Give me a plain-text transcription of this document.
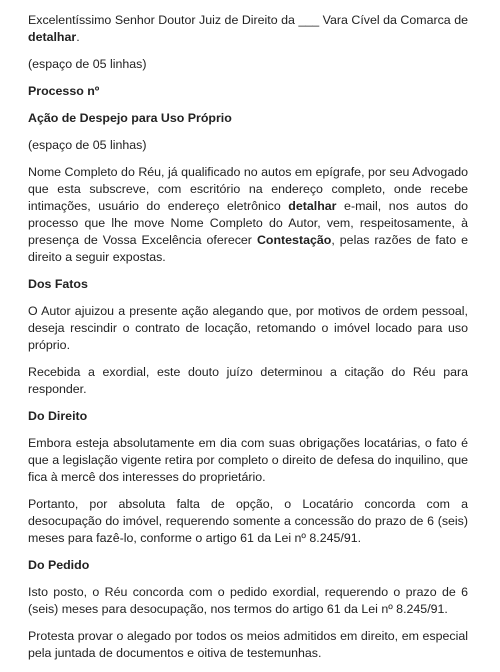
Excelentíssimo Senhor Doutor Juiz de Direito da ___ Vara Cível da Comarca de detalhar.

(espaço de 05 linhas)

Processo nº

Ação de Despejo para Uso Próprio

(espaço de 05 linhas)

Nome Completo do Réu, já qualificado no autos em epígrafe, por seu Advogado que esta subscreve, com escritório na endereço completo, onde recebe intimações, usuário do endereço eletrônico detalhar e-mail, nos autos do processo que lhe move Nome Completo do Autor, vem, respeitosamente, à presença de Vossa Excelência oferecer Contestação, pelas razões de fato e direito a seguir expostas.

Dos Fatos

O Autor ajuizou a presente ação alegando que, por motivos de ordem pessoal, deseja rescindir o contrato de locação, retomando o imóvel locado para uso próprio.

Recebida a exordial, este douto juízo determinou a citação do Réu para responder.

Do Direito

Embora esteja absolutamente em dia com suas obrigações locatárias, o fato é que a legislação vigente retira por completo o direito de defesa do inquilino, que fica à mercê dos interesses do proprietário.

Portanto, por absoluta falta de opção, o Locatário concorda com a desocupação do imóvel, requerendo somente a concessão do prazo de 6 (seis) meses para fazê-lo, conforme o artigo 61 da Lei nº 8.245/91.

Do Pedido

Isto posto, o Réu concorda com o pedido exordial, requerendo o prazo de 6 (seis) meses para desocupação, nos termos do artigo 61 da Lei nº 8.245/91.

Protesta provar o alegado por todos os meios admitidos em direito, em especial pela juntada de documentos e oitiva de testemunhas.
